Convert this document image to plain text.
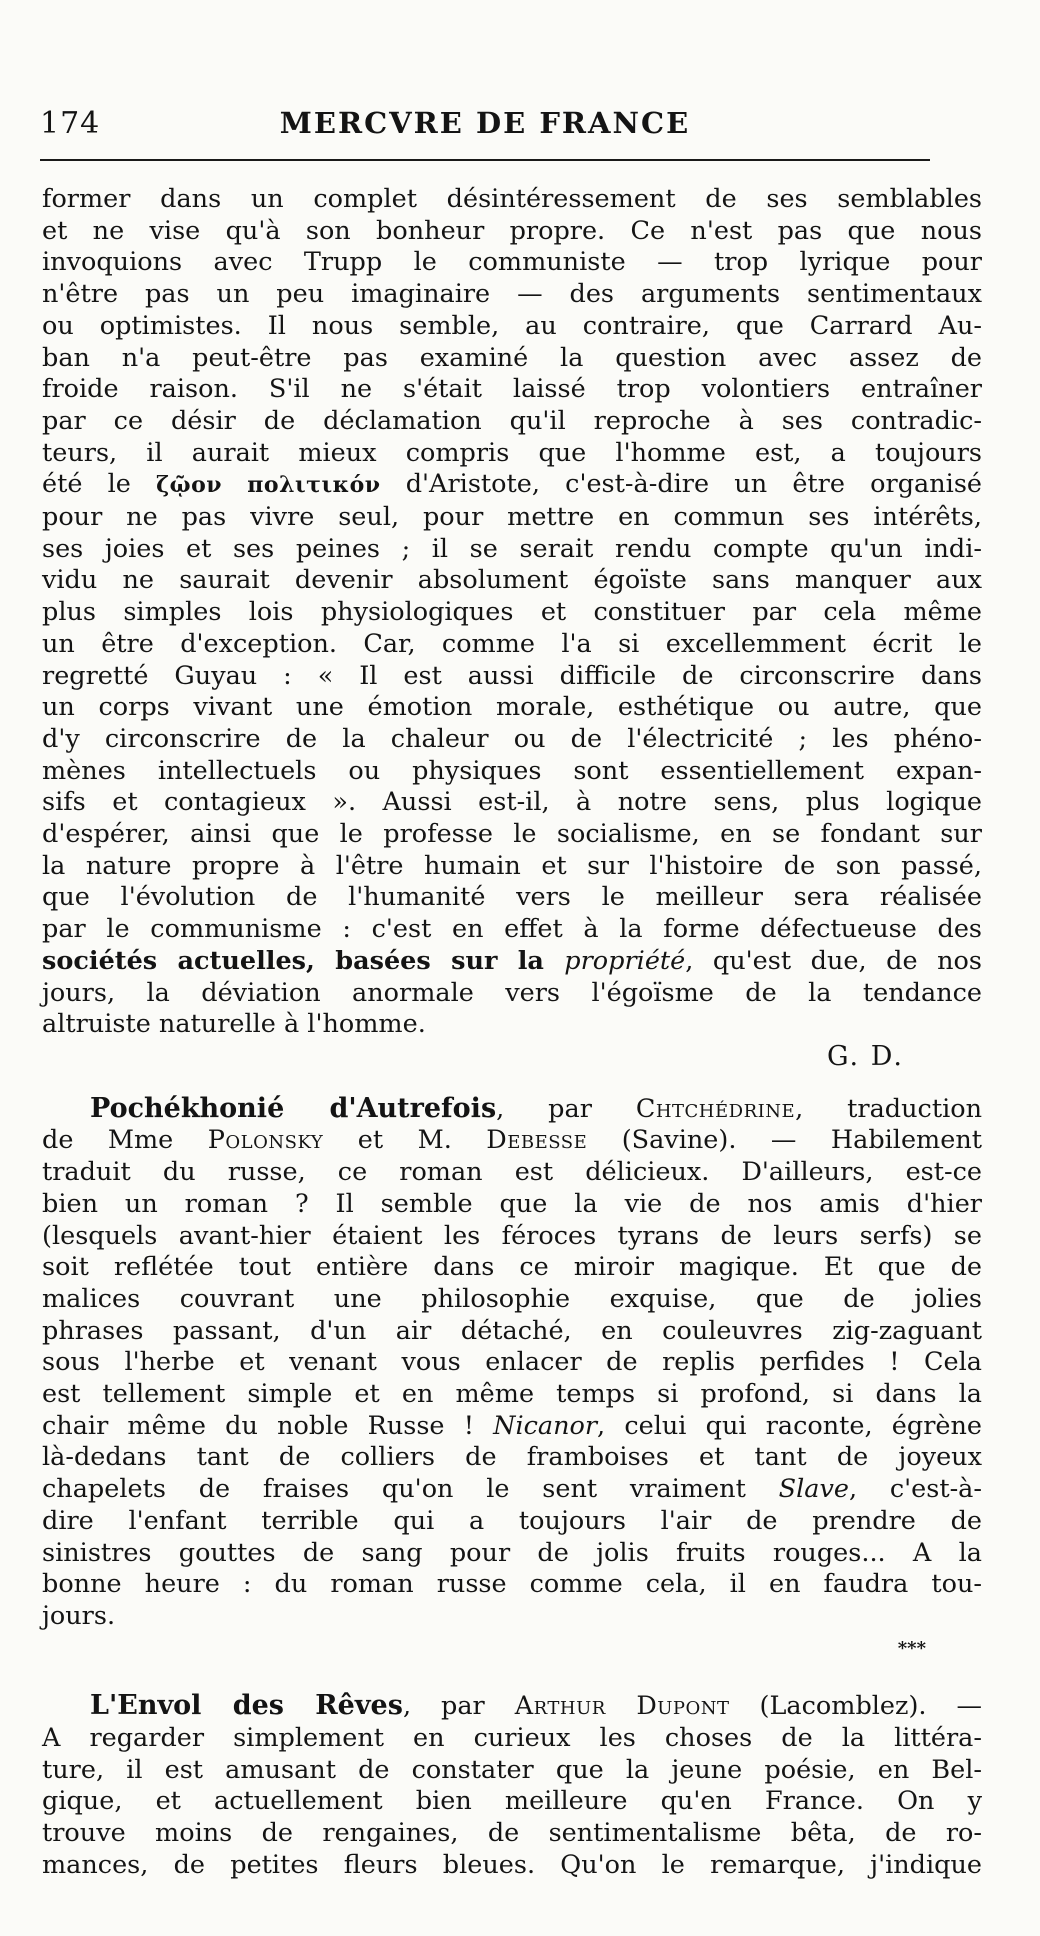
174	MERCVRE DE FRANCE
former dans un complet désintéressement de ses semblables
et ne vise qu'à son bonheur propre. Ce n'est pas que nous
invoquions avec Trupp le communiste — trop lyrique pour
n'être pas un peu imaginaire — des arguments sentimentaux
ou optimistes. Il nous semble, au contraire, que Carrard Au-
ban n'a peut-être pas examiné la question avec assez de
froide raison. S'il ne s'était laissé trop volontiers entraîner
par ce désir de déclamation qu'il reproche à ses contradic-
teurs, il aurait mieux compris que l'homme est, a toujours
été le ζῷον πολιτικόν d'Aristote, c'est-à-dire un être organisé
pour ne pas vivre seul, pour mettre en commun ses intérêts,
ses joies et ses peines ; il se serait rendu compte qu'un indi-
vidu ne saurait devenir absolument égoïste sans manquer aux
plus simples lois physiologiques et constituer par cela même
un être d'exception. Car, comme l'a si excellemment écrit le
regretté Guyau : « Il est aussi difficile de circonscrire dans
un corps vivant une émotion morale, esthétique ou autre, que
d'y circonscrire de la chaleur ou de l'électricité ; les phéno-
mènes intellectuels ou physiques sont essentiellement expan-
sifs et contagieux ». Aussi est-il, à notre sens, plus logique
d'espérer, ainsi que le professe le socialisme, en se fondant sur
la nature propre à l'être humain et sur l'histoire de son passé,
que l'évolution de l'humanité vers le meilleur sera réalisée
par le communisme : c'est en effet à la forme défectueuse des
sociétés actuelles, basées sur la propriété, qu'est due, de nos
jours, la déviation anormale vers l'égoïsme de la tendance
altruiste naturelle à l'homme.
G. D.
Pochékhonié d'Autrefois, par Chtchédrine, traduction
de Mme Polonsky et M. Debesse (Savine). — Habilement
traduit du russe, ce roman est délicieux. D'ailleurs, est-ce
bien un roman ? Il semble que la vie de nos amis d'hier
(lesquels avant-hier étaient les féroces tyrans de leurs serfs) se
soit reflétée tout entière dans ce miroir magique. Et que de
malices couvrant une philosophie exquise, que de jolies
phrases passant, d'un air détaché, en couleuvres zig-zaguant
sous l'herbe et venant vous enlacer de replis perfides ! Cela
est tellement simple et en même temps si profond, si dans la
chair même du noble Russe ! Nicanor, celui qui raconte, égrène
là-dedans tant de colliers de framboises et tant de joyeux
chapelets de fraises qu'on le sent vraiment Slave, c'est-à-
dire l'enfant terrible qui a toujours l'air de prendre de
sinistres gouttes de sang pour de jolis fruits rouges... A la
bonne heure : du roman russe comme cela, il en faudra tou-
jours.
***
L'Envol des Rêves, par Arthur Dupont (Lacomblez). —
A regarder simplement en curieux les choses de la littéra-
ture, il est amusant de constater que la jeune poésie, en Bel-
gique, et actuellement bien meilleure qu'en France. On y
trouve moins de rengaines, de sentimentalisme bêta, de ro-
mances, de petites fleurs bleues. Qu'on le remarque, j'indique
